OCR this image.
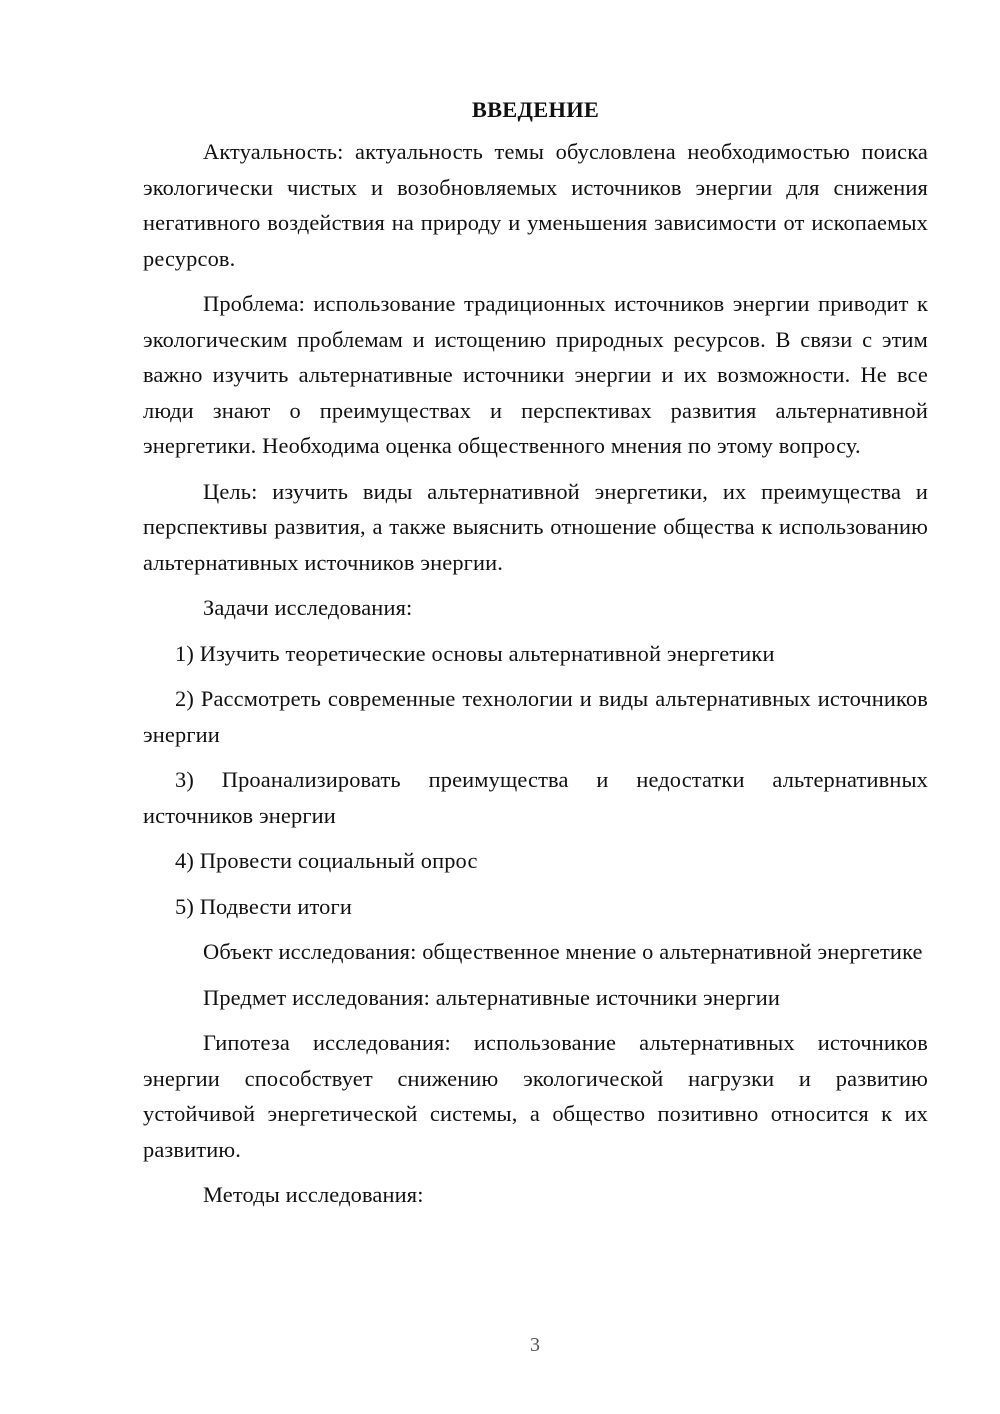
ВВЕДЕНИЕ

Актуальность: актуальность темы обусловлена необходимостью поиска экологически чистых и возобновляемых источников энергии для снижения негативного воздействия на природу и уменьшения зависимости от ископаемых ресурсов.

Проблема: использование традиционных источников энергии приводит к экологическим проблемам и истощению природных ресурсов. В связи с этим важно изучить альтернативные источники энергии и их возможности. Не все люди знают о преимуществах и перспективах развития альтернативной энергетики. Необходима оценка общественного мнения по этому вопросу.

Цель: изучить виды альтернативной энергетики, их преимущества и перспективы развития, а также выяснить отношение общества к использованию альтернативных источников энергии.

Задачи исследования:

1) Изучить теоретические основы альтернативной энергетики

2) Рассмотреть современные технологии и виды альтернативных источников энергии

3) Проанализировать преимущества и недостатки альтернативных источников энергии

4) Провести социальный опрос

5) Подвести итоги

Объект исследования: общественное мнение о альтернативной энергетике

Предмет исследования: альтернативные источники энергии

Гипотеза исследования: использование альтернативных источников энергии способствует снижению экологической нагрузки и развитию устойчивой энергетической системы, а общество позитивно относится к их развитию.

Методы исследования:

3
